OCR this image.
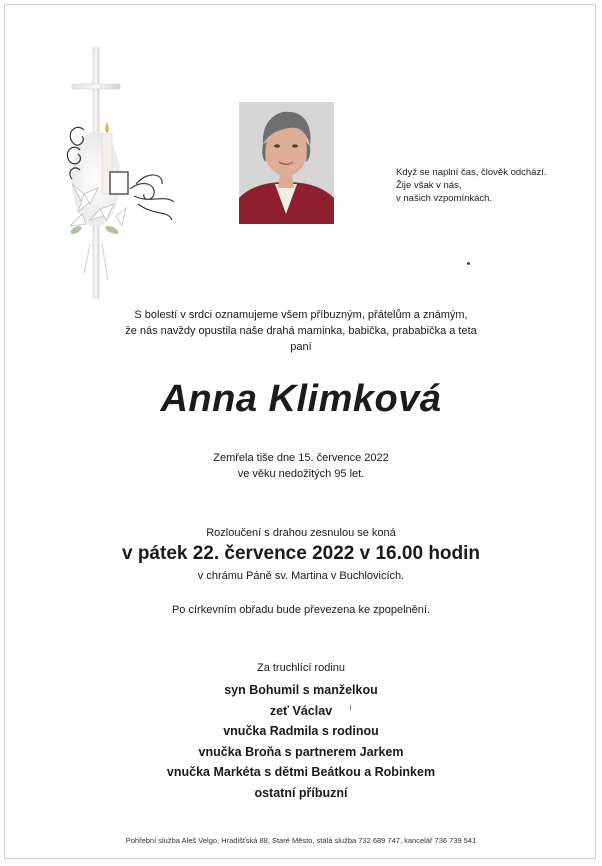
Když se naplní čas, člověk odchází.
Žije však v nás,
v našich vzpomínkách.
S bolestí v srdci oznamujeme všem příbuzným, přátelům a známým,
že nás navždy opustila naše drahá maminka, babička, prababička a teta
paní
Anna Klimková
Zemřela tiše dne 15. července 2022
ve věku nedožitých 95 let.
Rozloučení s drahou zesnulou se koná
v pátek 22. července 2022 v 16.00 hodin
v chrámu Páně sv. Martina v Buchlovicích.
Po církevním obřadu bude převezena ke zpopelnění.
Za truchlící rodinu
syn Bohumil s manželkou
zeť Václav
vnučka Radmila s rodinou
vnučka Broňa s partnerem Jarkem
vnučka Markéta s dětmi Beátkou a Robinkem
ostatní příbuzní
Pohřební služba Aleš Velgo, Hradišťská 88, Staré Město, stálá služba 732 689 747, kancelář 736 739 541
